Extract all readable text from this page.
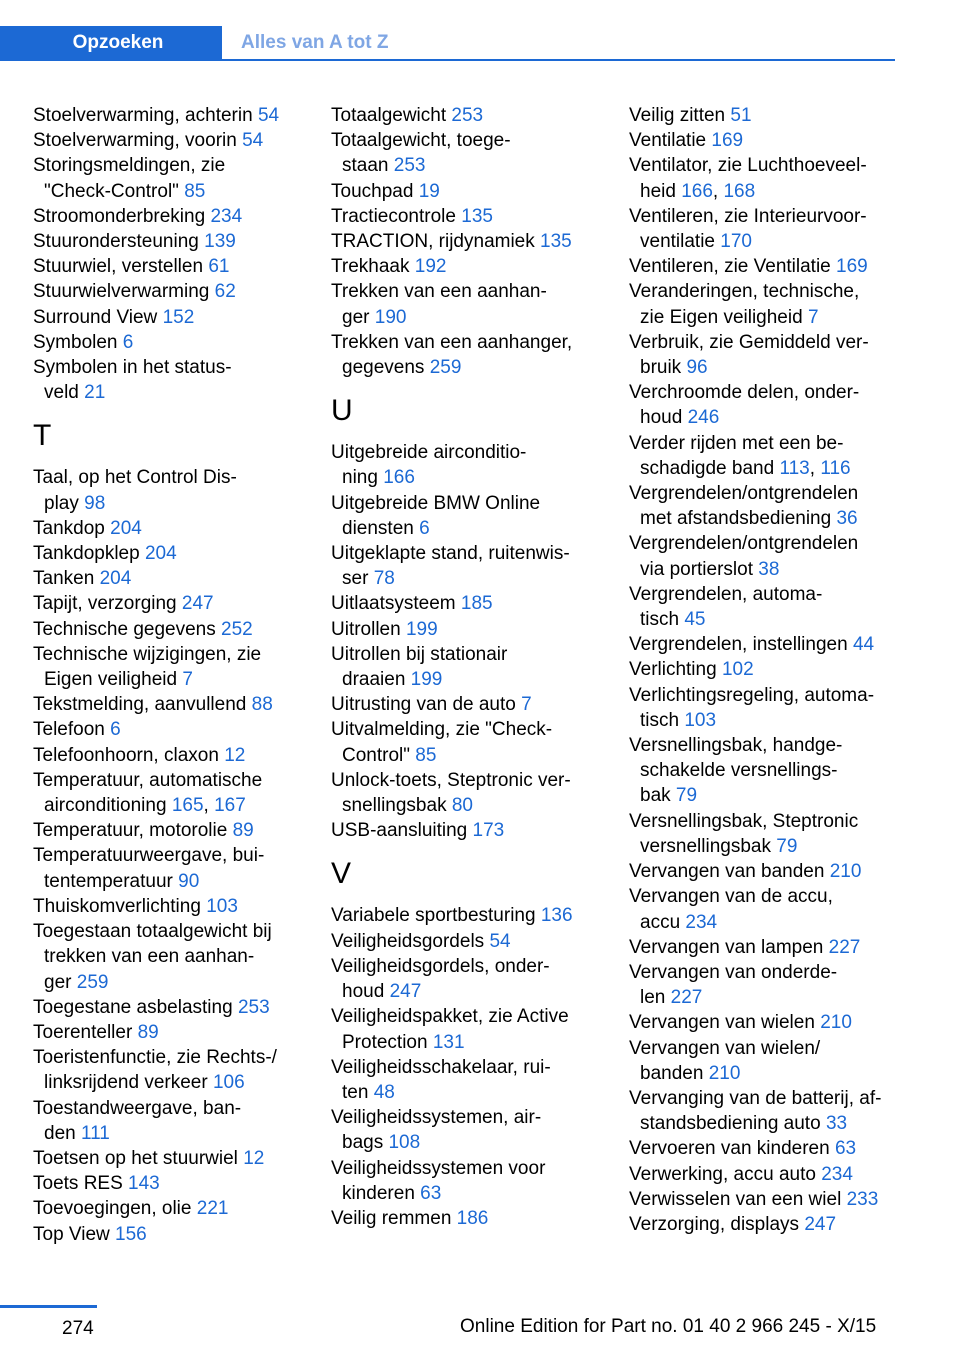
Opzoeken	Alles van A tot Z
Stoelverwarming, achterin 54
Stoelverwarming, voorin 54
Storingsmeldingen, zie
"Check-Control" 85
Stroomonderbreking 234
Stuurondersteuning 139
Stuurwiel, verstellen 61
Stuurwielverwarming 62
Surround View 152
Symbolen 6
Symbolen in het status-
veld 21
T
Taal, op het Control Dis-
play 98
Tankdop 204
Tankdopklep 204
Tanken 204
Tapijt, verzorging 247
Technische gegevens 252
Technische wijzigingen, zie
Eigen veiligheid 7
Tekstmelding, aanvullend 88
Telefoon 6
Telefoonhoorn, claxon 12
Temperatuur, automatische
airconditioning 165, 167
Temperatuur, motorolie 89
Temperatuurweergave, bui-
tentemperatuur 90
Thuiskomverlichting 103
Toegestaan totaalgewicht bij
trekken van een aanhan-
ger 259
Toegestane asbelasting 253
Toerenteller 89
Toeristenfunctie, zie Rechts-/
linksrijdend verkeer 106
Toestandweergave, ban-
den 111
Toetsen op het stuurwiel 12
Toets RES 143
Toevoegingen, olie 221
Top View 156
Totaalgewicht 253
Totaalgewicht, toege-
staan 253
Touchpad 19
Tractiecontrole 135
TRACTION, rijdynamiek 135
Trekhaak 192
Trekken van een aanhan-
ger 190
Trekken van een aanhanger,
gegevens 259
U
Uitgebreide airconditio-
ning 166
Uitgebreide BMW Online
diensten 6
Uitgeklapte stand, ruitenwis-
ser 78
Uitlaatsysteem 185
Uitrollen 199
Uitrollen bij stationair
draaien 199
Uitrusting van de auto 7
Uitvalmelding, zie "Check-
Control" 85
Unlock-toets, Steptronic ver-
snellingsbak 80
USB-aansluiting 173
V
Variabele sportbesturing 136
Veiligheidsgordels 54
Veiligheidsgordels, onder-
houd 247
Veiligheidspakket, zie Active
Protection 131
Veiligheidsschakelaar, rui-
ten 48
Veiligheidssystemen, air-
bags 108
Veiligheidssystemen voor
kinderen 63
Veilig remmen 186
Veilig zitten 51
Ventilatie 169
Ventilator, zie Luchthoeveel-
heid 166, 168
Ventileren, zie Interieurvoor-
ventilatie 170
Ventileren, zie Ventilatie 169
Veranderingen, technische,
zie Eigen veiligheid 7
Verbruik, zie Gemiddeld ver-
bruik 96
Verchroomde delen, onder-
houd 246
Verder rijden met een be-
schadigde band 113, 116
Vergrendelen/ontgrendelen
met afstandsbediening 36
Vergrendelen/ontgrendelen
via portierslot 38
Vergrendelen, automa-
tisch 45
Vergrendelen, instellingen 44
Verlichting 102
Verlichtingsregeling, automa-
tisch 103
Versnellingsbak, handge-
schakelde versnellings-
bak 79
Versnellingsbak, Steptronic
versnellingsbak 79
Vervangen van banden 210
Vervangen van de accu,
accu 234
Vervangen van lampen 227
Vervangen van onderde-
len 227
Vervangen van wielen 210
Vervangen van wielen/
banden 210
Vervanging van de batterij, af-
standsbediening auto 33
Vervoeren van kinderen 63
Verwerking, accu auto 234
Verwisselen van een wiel 233
Verzorging, displays 247
274	Online Edition for Part no. 01 40 2 966 245 - X/15
